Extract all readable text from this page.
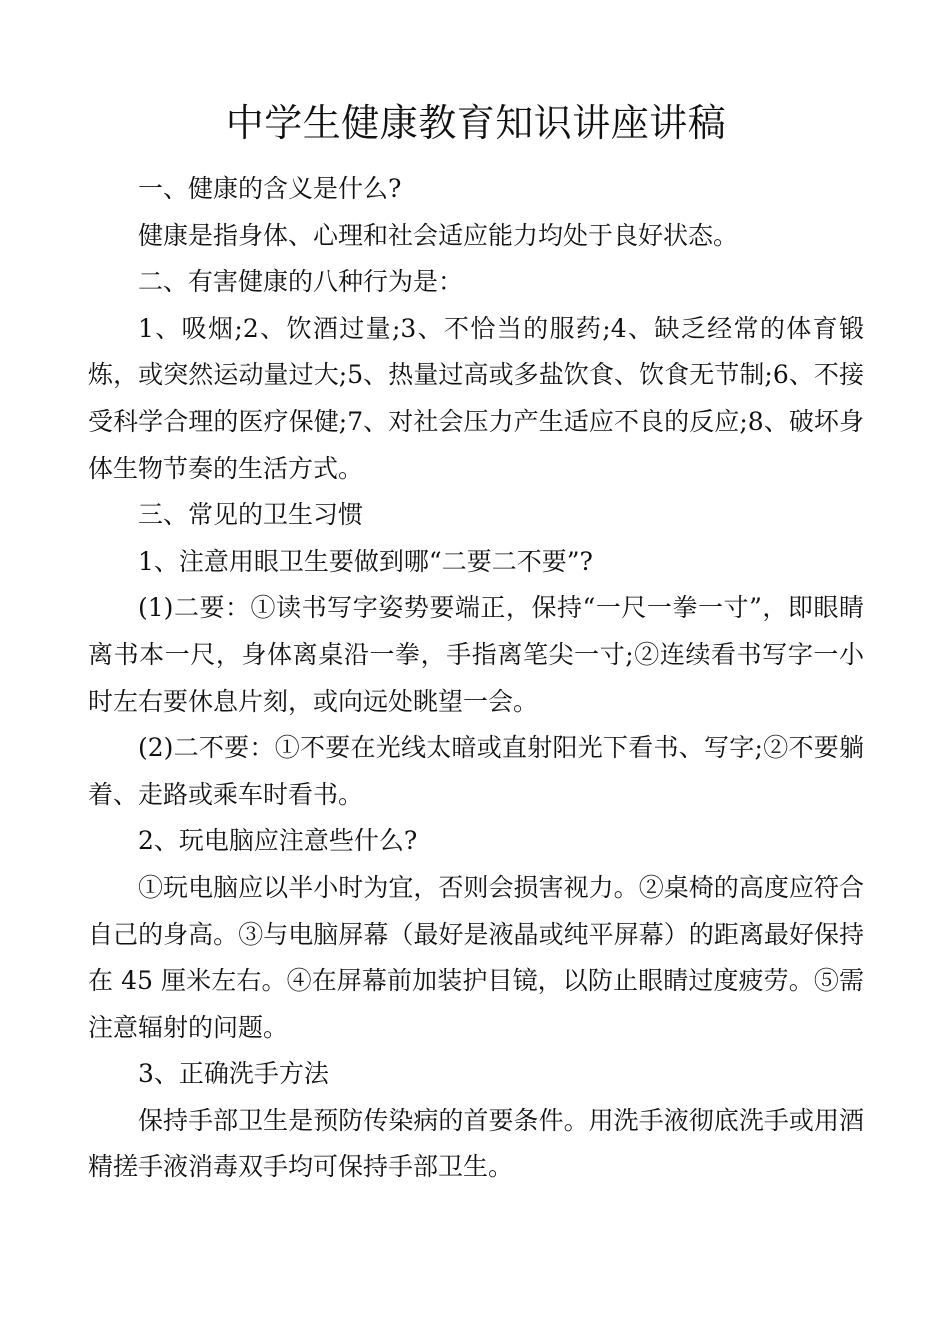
中学生健康教育知识讲座讲稿

一、健康的含义是什么?

健康是指身体、心理和社会适应能力均处于良好状态。

二、有害健康的八种行为是：

1、吸烟;2、饮酒过量;3、不恰当的服药;4、缺乏经常的体育锻炼，或突然运动量过大;5、热量过高或多盐饮食、饮食无节制;6、不接受科学合理的医疗保健;7、对社会压力产生适应不良的反应;8、破坏身体生物节奏的生活方式。

三、常见的卫生习惯

1、注意用眼卫生要做到哪“二要二不要”?

(1)二要：①读书写字姿势要端正，保持“一尺一拳一寸”，即眼睛离书本一尺，身体离桌沿一拳，手指离笔尖一寸;②连续看书写字一小时左右要休息片刻，或向远处眺望一会。

(2)二不要：①不要在光线太暗或直射阳光下看书、写字;②不要躺着、走路或乘车时看书。

2、玩电脑应注意些什么?

①玩电脑应以半小时为宜，否则会损害视力。②桌椅的高度应符合自己的身高。③与电脑屏幕（最好是液晶或纯平屏幕）的距离最好保持在 45 厘米左右。④在屏幕前加装护目镜，以防止眼睛过度疲劳。⑤需注意辐射的问题。

3、正确洗手方法

保持手部卫生是预防传染病的首要条件。用洗手液彻底洗手或用酒精搓手液消毒双手均可保持手部卫生。
